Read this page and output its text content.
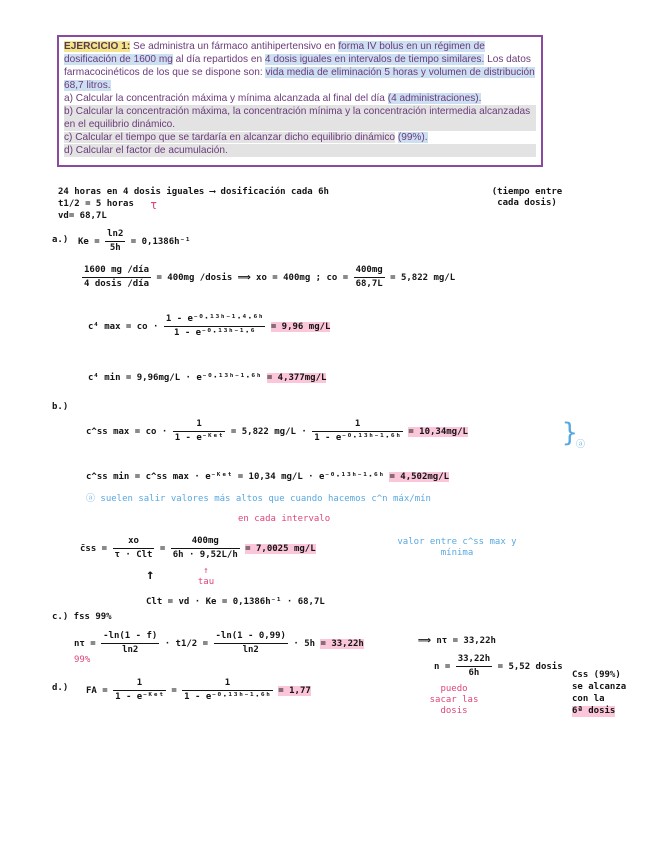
EJERCICIO 1: Se administra un fármaco antihipertensivo en forma IV bolus en un régimen de dosificación de 1600 mg al día repartidos en 4 dosis iguales en intervalos de tiempo similares. Los datos farmacocinéticos de los que se dispone son: vida media de eliminación 5 horas y volumen de distribución 68,7 litros.

a) Calcular la concentración máxima y mínima alcanzada al final del día (4 administraciones).

b) Calcular la concentración máxima, la concentración mínima y la concentración intermedia alcanzadas en el equilibrio dinámico.

c) Calcular el tiempo que se tardaría en alcanzar dicho equilibrio dinámico (99%).

d) Calcular el factor de acumulación.

24 horas en 4 dosis iguales ⟶ dosificación cada 6h	(tiempo entre cada dosis)
t1/2 = 5 horas τ
vd= 68,7L
a.) $Ke = \frac{\ln 2}{5h} = 0,1386h^{-1}$
$\frac{\text{1600 mg /día}}{\text{4 dosis /día}} = 400mg$ /dosis ⟹ xo = 400mg ; co = $\frac{400mg}{68,7L} = 5,822$ mg/L
c⁴ max = co · $\frac{\text{1 - e⁻⁰·¹³ʰ⁻¹·⁴·⁶ʰ}}{\text{1 - e⁻⁰·¹³ʰ⁻¹·⁶}} = 9,96$ mg/L
c⁴ min = 9,96mg/L · e⁻⁰·¹³ʰ⁻¹·⁶ʰ = 4,377mg/L
b.)
c^ss max = co · $\frac{1}{\text{1 - e⁻ᴷᵉᵗ}} = 5,822$ $mg/L \cdot \frac{1}{\text{1 - e⁻⁰·¹³ʰ⁻¹·⁶ʰ}} = 10,34mg/L$	}
ⓐ
c^ss min = c^ss max · e⁻ᴷᵉᵗ = 10,34 mg/L · e⁻⁰·¹³ʰ⁻¹·⁶ʰ = 4,502mg/L
ⓐ suelen salir valores más altos que cuando hacemos c^n máx/mín
en cada intervalo
c̄ss = $\frac{xo}{\text{τ · Clt}} = \frac{400mg}{6h \cdot 9,52L/h} = 7,0025$ mg/L
valor entre c^ss max y mínima
↑ tau
↑
Clt = vd · Ke = 0,1386h⁻¹ · 68,7L
c.) fss 99%
$n\tau = \frac{-\ln(1 - f)}{\ln 2} \cdot t1/2 = \frac{-\ln(1 - 0,99)}{\ln 2} \cdot 5h = 33,22h$	⟹ nτ = 33,22h
99%
$n = \frac{33,22h}{6h} = 5,52$ dosis
puedo sacar las dosis
Css (99%)
se alcanza
con la
6ª dosis
d.) FA = $\frac{1}{\text{1 - e⁻ᴷᵉᵗ}} = \frac{1}{\text{1 - e⁻⁰·¹³ʰ⁻¹·⁶ʰ}} = 1,77$
